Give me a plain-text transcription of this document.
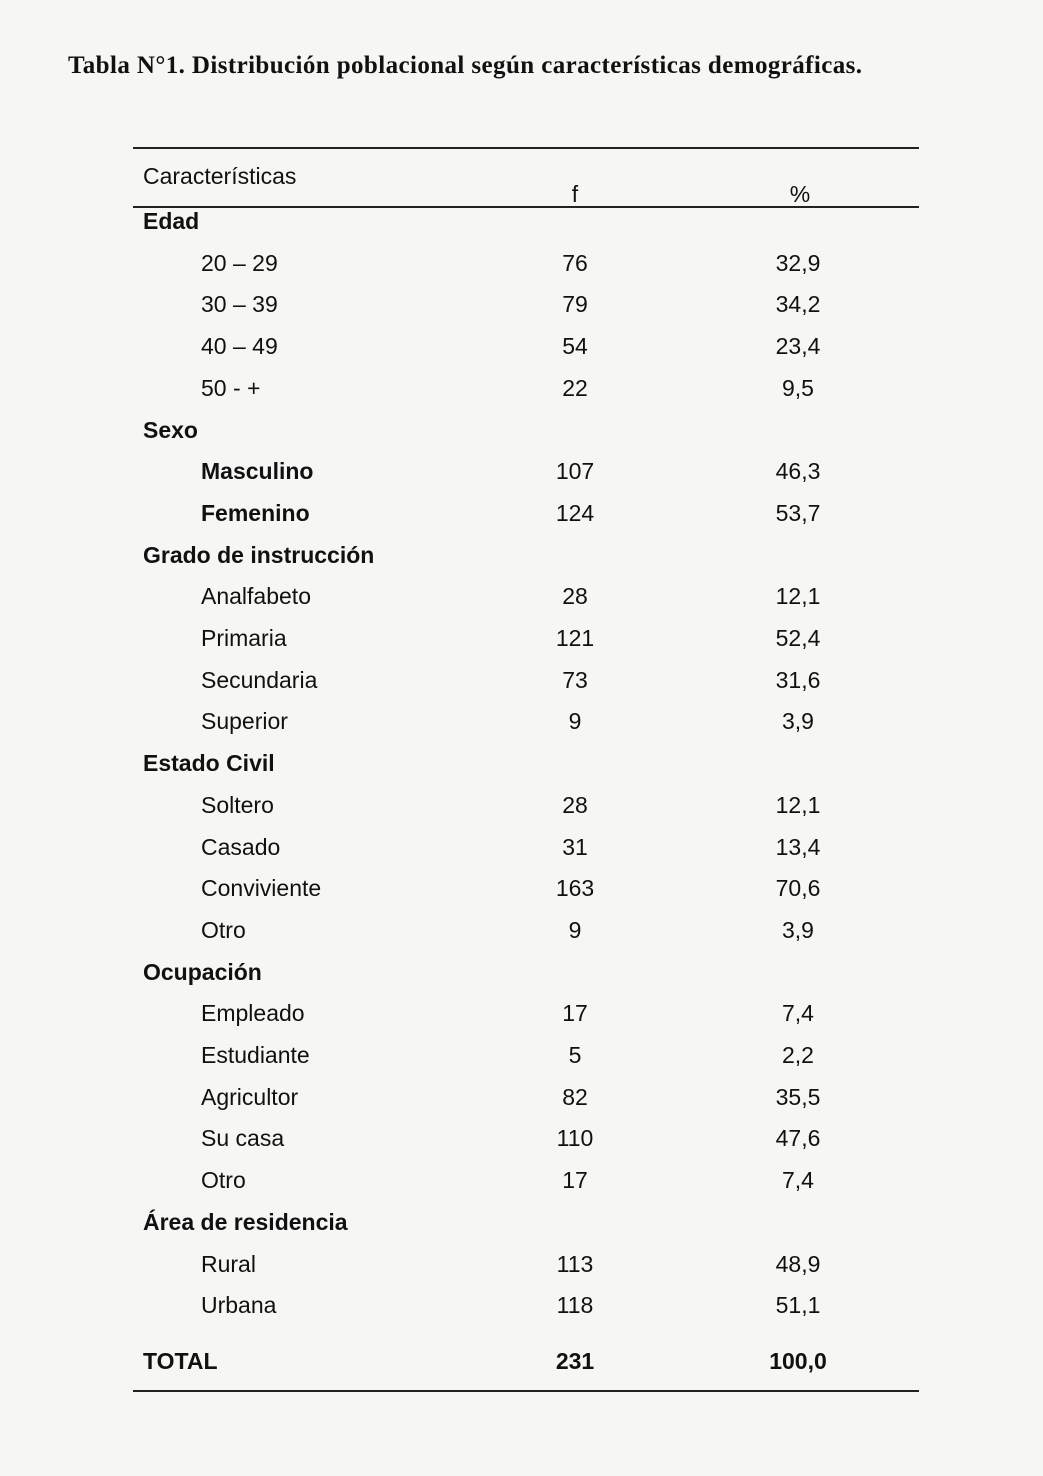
Tabla N°1. Distribución poblacional según características demográficas.
Características
f	%
Edad
20 – 29	76	32,9
30 – 39	79	34,2
40 – 49	54	23,4
50 - +	22	9,5
Sexo
Masculino	107	46,3
Femenino	124	53,7
Grado de instrucción
Analfabeto	28	12,1
Primaria	121	52,4
Secundaria	73	31,6
Superior	9	3,9
Estado Civil
Soltero	28	12,1
Casado	31	13,4
Conviviente	163	70,6
Otro	9	3,9
Ocupación
Empleado	17	7,4
Estudiante	5	2,2
Agricultor	82	35,5
Su casa	110	47,6
Otro	17	7,4
Área de residencia
Rural	113	48,9
Urbana	118	51,1
TOTAL	231	100,0
